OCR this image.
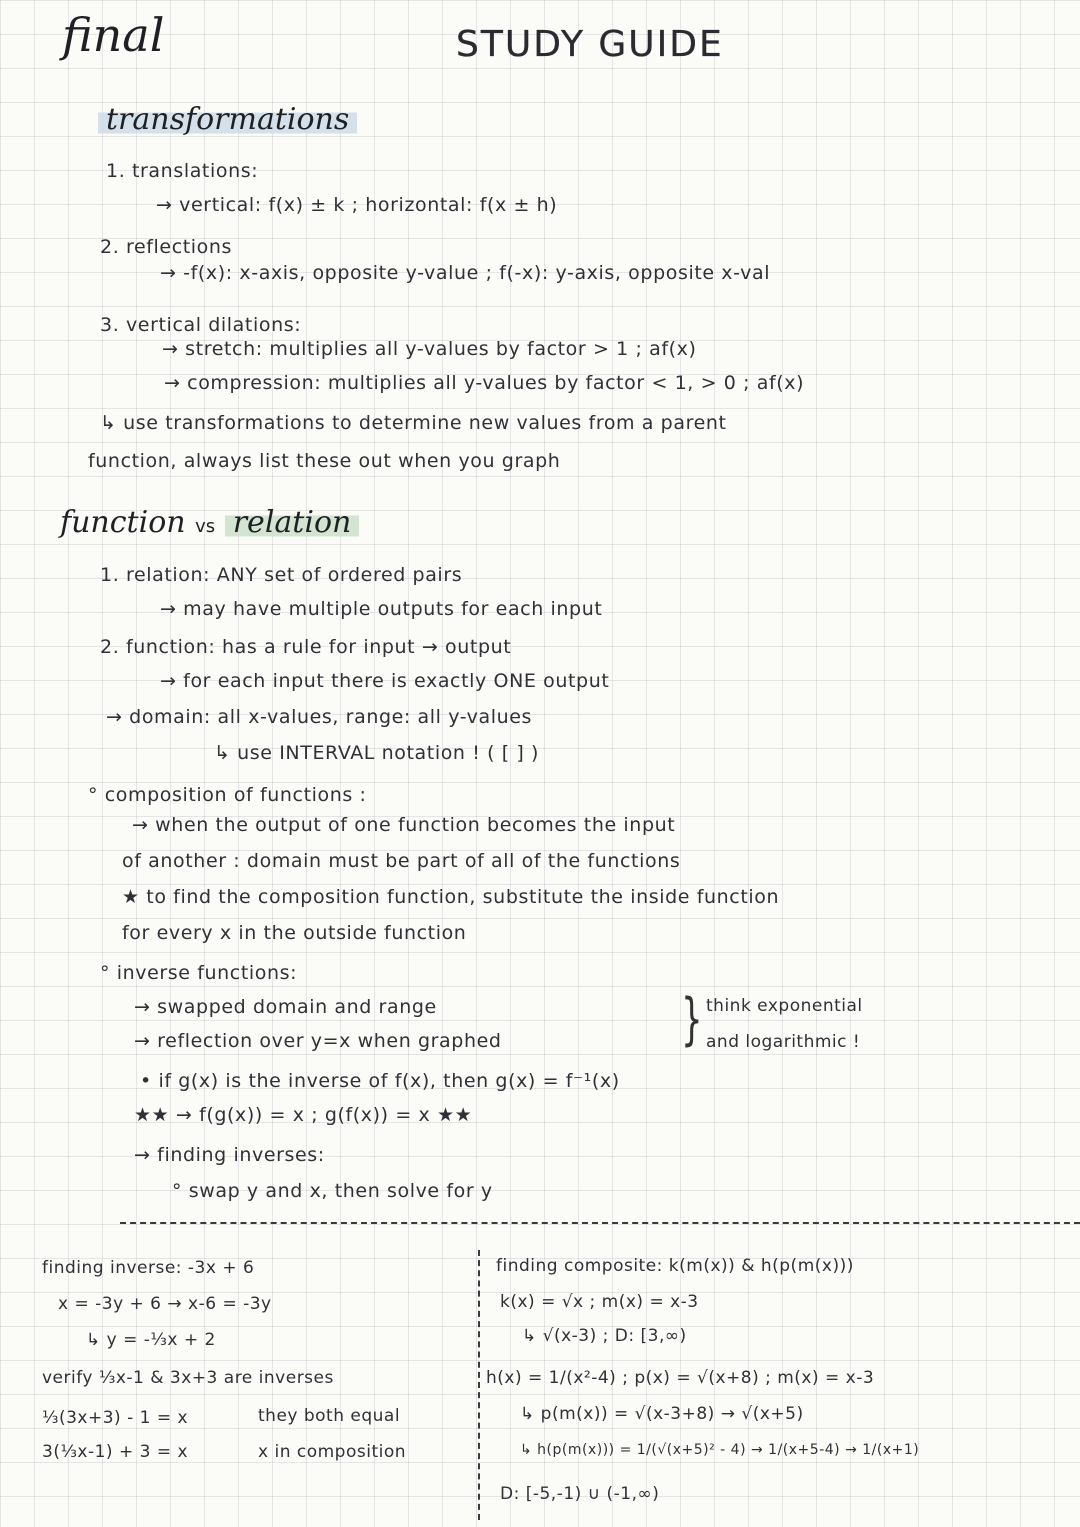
final	STUDY GUIDE
transformations
1. translations:
→ vertical: f(x) ± k ; horizontal: f(x ± h)
2. reflections
→ -f(x): x-axis, opposite y-value ; f(-x): y-axis, opposite x-val
3. vertical dilations:
→ stretch: multiplies all y-values by factor > 1 ; af(x)
→ compression: multiplies all y-values by factor < 1, > 0 ; af(x)
↳ use transformations to determine new values from a parent
function, always list these out when you graph
function vs relation
1. relation: ANY set of ordered pairs
→ may have multiple outputs for each input
2. function: has a rule for input → output
→ for each input there is exactly ONE output
→ domain: all x-values, range: all y-values
↳ use INTERVAL notation ! ( [ ] )
° composition of functions :
→ when the output of one function becomes the input
of another : domain must be part of all of the functions
★ to find the composition function, substitute the inside function
for every x in the outside function
° inverse functions:
→ swapped domain and range
→ reflection over y=x when graphed	} think exponential
and logarithmic !
• if g(x) is the inverse of f(x), then g(x) = f⁻¹(x)
★★ → f(g(x)) = x ; g(f(x)) = x ★★
→ finding inverses:
° swap y and x, then solve for y
finding inverse: -3x + 6
x = -3y + 6 → x-6 = -3y
↳ y = -⅓x + 2
verify ⅓x-1 & 3x+3 are inverses
⅓(3x+3) - 1 = x
3(⅓x-1) + 3 = x
they both equal
x in composition
finding composite: k(m(x)) & h(p(m(x)))
k(x) = √x ; m(x) = x-3
↳ √(x-3) ; D: [3,∞)
h(x) = 1/(x²-4) ; p(x) = √(x+8) ; m(x) = x-3
↳ p(m(x)) = √(x-3+8) → √(x+5)
↳ h(p(m(x))) = 1/(√(x+5)² - 4) → 1/(x+5-4) → 1/(x+1)
D: [-5,-1) ∪ (-1,∞)
